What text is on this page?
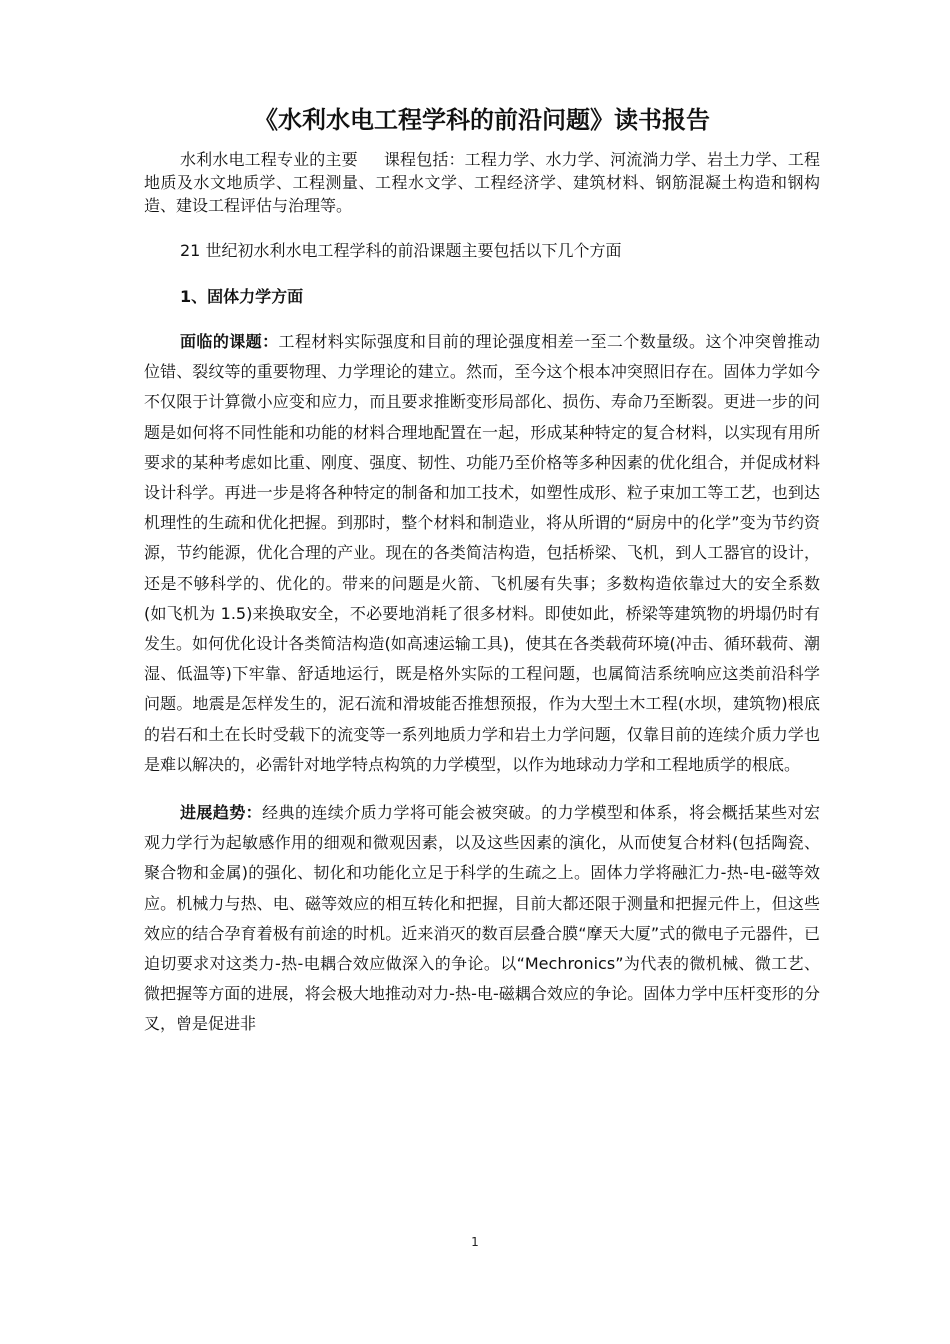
《水利水电工程学科的前沿问题》读书报告

水利水电工程专业的主要 课程包括：工程力学、水力学、河流淌力学、岩土力学、工程地质及水文地质学、工程测量、工程水文学、工程经济学、建筑材料、钢筋混凝土构造和钢构造、建设工程评估与治理等。

21 世纪初水利水电工程学科的前沿课题主要包括以下几个方面

1、固体力学方面

面临的课题：工程材料实际强度和目前的理论强度相差一至二个数量级。这个冲突曾推动位错、裂纹等的重要物理、力学理论的建立。然而，至今这个根本冲突照旧存在。固体力学如今不仅限于计算微小应变和应力，而且要求推断变形局部化、损伤、寿命乃至断裂。更进一步的问题是如何将不同性能和功能的材料合理地配置在一起，形成某种特定的复合材料，以实现有用所要求的某种考虑如比重、刚度、强度、韧性、功能乃至价格等多种因素的优化组合，并促成材料设计科学。再进一步是将各种特定的制备和加工技术，如塑性成形、粒子束加工等工艺，也到达机理性的生疏和优化把握。到那时，整个材料和制造业，将从所谓的“厨房中的化学”变为节约资源，节约能源，优化合理的产业。现在的各类简洁构造，包括桥梁、飞机，到人工器官的设计，还是不够科学的、优化的。带来的问题是火箭、飞机屡有失事；多数构造依靠过大的安全系数(如飞机为 1.5)来换取安全，不必要地消耗了很多材料。即使如此，桥梁等建筑物的坍塌仍时有发生。如何优化设计各类简洁构造(如高速运输工具)，使其在各类载荷环境(冲击、循环载荷、潮湿、低温等)下牢靠、舒适地运行，既是格外实际的工程问题，也属简洁系统响应这类前沿科学问题。地震是怎样发生的，泥石流和滑坡能否推想预报，作为大型土木工程(水坝，建筑物)根底的岩石和土在长时受载下的流变等一系列地质力学和岩土力学问题，仅靠目前的连续介质力学也是难以解决的，必需针对地学特点构筑的力学模型，以作为地球动力学和工程地质学的根底。

进展趋势：经典的连续介质力学将可能会被突破。的力学模型和体系，将会概括某些对宏观力学行为起敏感作用的细观和微观因素，以及这些因素的演化，从而使复合材料(包括陶瓷、聚合物和金属)的强化、韧化和功能化立足于科学的生疏之上。固体力学将融汇力-热-电-磁等效应。机械力与热、电、磁等效应的相互转化和把握，目前大都还限于测量和把握元件上，但这些效应的结合孕育着极有前途的时机。近来消灭的数百层叠合膜“摩天大厦”式的微电子元器件，已迫切要求对这类力-热-电耦合效应做深入的争论。以“Mechronics”为代表的微机械、微工艺、微把握等方面的进展，将会极大地推动对力-热-电-磁耦合效应的争论。固体力学中压杆变形的分叉，曾是促进非

1
